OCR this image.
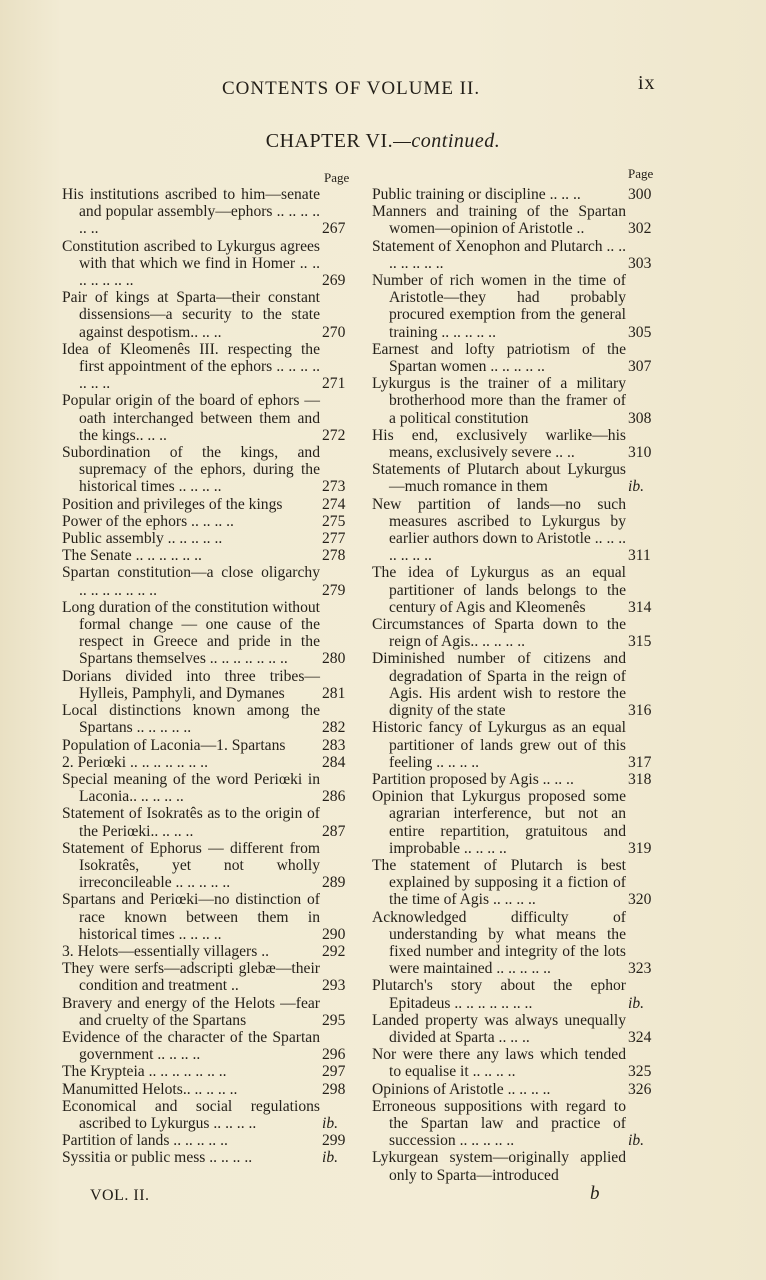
CONTENTS OF VOLUME II.	ix
CHAPTER VI.—continued.
Page	Page
His institutions ascribed to him—senate and popular assembly—ephors .. .. .. .. .. ..	267
Constitution ascribed to Lykurgus agrees with that which we find in Homer .. .. .. .. .. .. ..	269
Pair of kings at Sparta—their constant dissensions—a security to the state against despotism.. .. ..	270
Idea of Kleomenês III. respecting the first appointment of the ephors .. .. .. .. .. .. ..	271
Popular origin of the board of ephors — oath interchanged between them and the kings.. .. ..	272
Subordination of the kings, and supremacy of the ephors, during the historical times .. .. .. ..	273
Position and privileges of the kings	274
Power of the ephors .. .. .. ..	275
Public assembly .. .. .. .. ..	277
The Senate .. .. .. .. .. ..	278
Spartan constitution—a close oligarchy .. .. .. .. .. .. ..	279
Long duration of the constitution without formal change — one cause of the respect in Greece and pride in the Spartans themselves .. .. .. .. .. .. .. 280
Dorians divided into three tribes—Hylleis, Pamphyli, and Dymanes 281
Local distinctions known among the Spartans .. .. .. .. ..	282
Population of Laconia—1. Spartans 283
2. Periœki .. .. .. .. .. .. ..	284
Special meaning of the word Periœki in Laconia.. .. .. .. ..	286
Statement of Isokratês as to the origin of the Periœki.. .. .. ..	287
Statement of Ephorus — different from Isokratês, yet not wholly irreconcileable .. .. .. .. ..	289
Spartans and Periœki—no distinction of race known between them in historical times .. .. .. ..	290
3. Helots—essentially villagers ..	292
They were serfs—adscripti glebæ—their condition and treatment ..	293
Bravery and energy of the Helots —fear and cruelty of the Spartans	295
Evidence of the character of the Spartan government .. .. .. ..	296
The Krypteia .. .. .. .. .. .. ..	297
Manumitted Helots.. .. .. .. ..	298
Economical and social regulations ascribed to Lykurgus .. .. .. ..	ib.
Partition of lands .. .. .. .. ..	299
Syssitia or public mess .. .. .. ..	ib.
Public training or discipline .. .. ..	300
Manners and training of the Spartan women—opinion of Aristotle ..	302
Statement of Xenophon and Plutarch .. .. .. .. .. .. ..	303
Number of rich women in the time of Aristotle—they had probably procured exemption from the general training .. .. .. .. ..	305
Earnest and lofty patriotism of the Spartan women .. .. .. .. ..	307
Lykurgus is the trainer of a military brotherhood more than the framer of a political constitution	308
His end, exclusively warlike—his means, exclusively severe .. ..	310
Statements of Plutarch about Lykurgus—much romance in them	ib.
New partition of lands—no such measures ascribed to Lykurgus by earlier authors down to Aristotle .. .. .. .. .. .. ..	311
The idea of Lykurgus as an equal partitioner of lands belongs to the century of Agis and Kleomenês	314
Circumstances of Sparta down to the reign of Agis.. .. .. .. ..	315
Diminished number of citizens and degradation of Sparta in the reign of Agis. His ardent wish to restore the dignity of the state	316
Historic fancy of Lykurgus as an equal partitioner of lands grew out of this feeling .. .. .. ..	317
Partition proposed by Agis .. .. ..	318
Opinion that Lykurgus proposed some agrarian interference, but not an entire repartition, gratuitous and improbable .. .. .. ..	319
The statement of Plutarch is best explained by supposing it a fiction of the time of Agis .. .. .. ..	320
Acknowledged difficulty of understanding by what means the fixed number and integrity of the lots were maintained .. .. .. .. ..	323
Plutarch's story about the ephor Epitadeus .. .. .. .. .. .. ..	ib.
Landed property was always unequally divided at Sparta .. .. ..	324
Nor were there any laws which tended to equalise it .. .. .. ..	325
Opinions of Aristotle .. .. .. ..	326
Erroneous suppositions with regard to the Spartan law and practice of succession .. .. .. .. ..	ib.
Lykurgean system—originally applied only to Sparta—introduced
VOL. II.	b
